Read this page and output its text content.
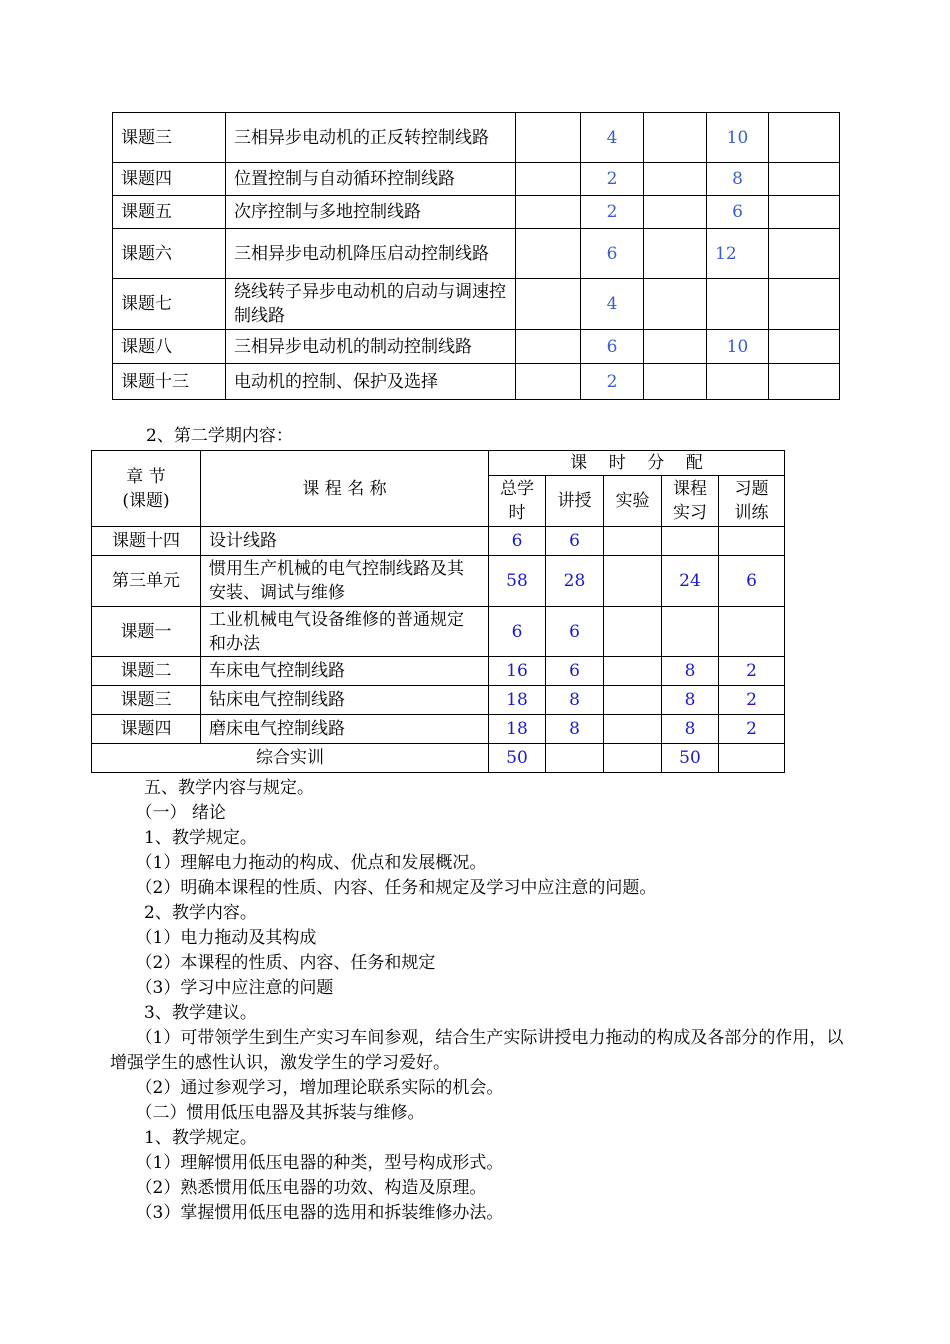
课题三	三相异步电动机的正反转控制线路		4		10	
课题四	位置控制与自动循环控制线路		2		8	
课题五	次序控制与多地控制线路		2		6	
课题六	三相异步电动机降压启动控制线路		6		12	
课题七	绕线转子异步电动机的启动与调速控制线路		4			
课题八	三相异步电动机的制动控制线路		6		10	
课题十三	电动机的控制、保护及选择		2			
2、第二学期内容：
章 节
(课题)	课 程 名 称	课    时    分    配				
		总学时	讲授	实验	课程实习	习题训练
课题十四	设计线路	6	6			
第三单元	惯用生产机械的电气控制线路及其安装、调试与维修	58	28		24	6
课题一	工业机械电气设备维修的普通规定和办法	6	6			
课题二	车床电气控制线路	16	6		8	2
课题三	钻床电气控制线路	18	8		8	2
课题四	磨床电气控制线路	18	8		8	2
综合实训		50			50	
　　五、教学内容与规定。
　　（一） 绪论
　　1、教学规定。
　　（1）理解电力拖动的构成、优点和发展概况。
　　（2）明确本课程的性质、内容、任务和规定及学习中应注意的问题。
　　2、教学内容。
　　（1）电力拖动及其构成
　　（2）本课程的性质、内容、任务和规定
　　（3）学习中应注意的问题
　　3、教学建议。
　　（1）可带领学生到生产实习车间参观，结合生产实际讲授电力拖动的构成及各部分的作用，以增强学生的感性认识，激发学生的学习爱好。
　　（2）通过参观学习，增加理论联系实际的机会。
　　（二）惯用低压电器及其拆装与维修。
　　1、教学规定。
　　（1）理解惯用低压电器的种类，型号构成形式。
　　（2）熟悉惯用低压电器的功效、构造及原理。
　　（3）掌握惯用低压电器的选用和拆装维修办法。
